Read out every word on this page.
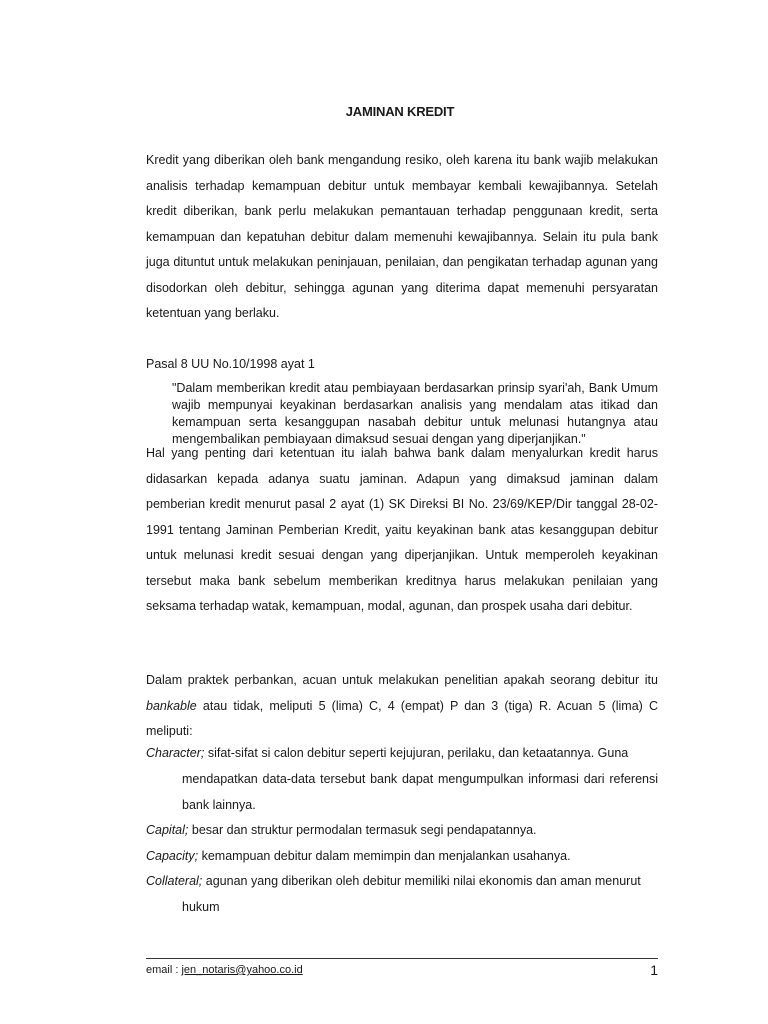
JAMINAN KREDIT
Kredit yang diberikan oleh bank mengandung resiko, oleh karena itu bank wajib melakukan analisis terhadap kemampuan debitur untuk membayar kembali kewajibannya. Setelah kredit diberikan, bank perlu melakukan pemantauan terhadap penggunaan kredit, serta kemampuan dan kepatuhan debitur dalam memenuhi kewajibannya. Selain itu pula bank juga dituntut untuk melakukan peninjauan, penilaian, dan pengikatan terhadap agunan yang disodorkan oleh debitur, sehingga agunan yang diterima dapat memenuhi persyaratan ketentuan yang berlaku.
Pasal 8 UU No.10/1998 ayat 1
"Dalam memberikan kredit atau pembiayaan berdasarkan prinsip syari'ah, Bank Umum wajib mempunyai keyakinan berdasarkan analisis yang mendalam atas itikad dan kemampuan serta kesanggupan nasabah debitur untuk melunasi hutangnya atau mengembalikan pembiayaan dimaksud sesuai dengan yang diperjanjikan."
Hal yang penting dari ketentuan itu ialah bahwa bank dalam menyalurkan kredit harus didasarkan kepada adanya suatu jaminan. Adapun yang dimaksud jaminan dalam pemberian kredit menurut pasal 2 ayat (1) SK Direksi BI No. 23/69/KEP/Dir tanggal 28-02-1991 tentang Jaminan Pemberian Kredit, yaitu keyakinan bank atas kesanggupan debitur untuk melunasi kredit sesuai dengan yang diperjanjikan. Untuk memperoleh keyakinan tersebut maka bank sebelum memberikan kreditnya harus melakukan penilaian yang seksama terhadap watak, kemampuan, modal, agunan, dan prospek usaha dari debitur.
Dalam praktek perbankan, acuan untuk melakukan penelitian apakah seorang debitur itu bankable atau tidak, meliputi 5 (lima) C, 4 (empat) P dan 3 (tiga) R. Acuan 5 (lima) C meliputi:
Character; sifat-sifat si calon debitur seperti kejujuran, perilaku, dan ketaatannya. Guna
mendapatkan data-data tersebut bank dapat mengumpulkan informasi dari referensi bank lainnya.
Capital; besar dan struktur permodalan termasuk segi pendapatannya.
Capacity; kemampuan debitur dalam memimpin dan menjalankan usahanya.
Collateral; agunan yang diberikan oleh debitur memiliki nilai ekonomis dan aman menurut
hukum
email : jen_notaris@yahoo.co.id	1
